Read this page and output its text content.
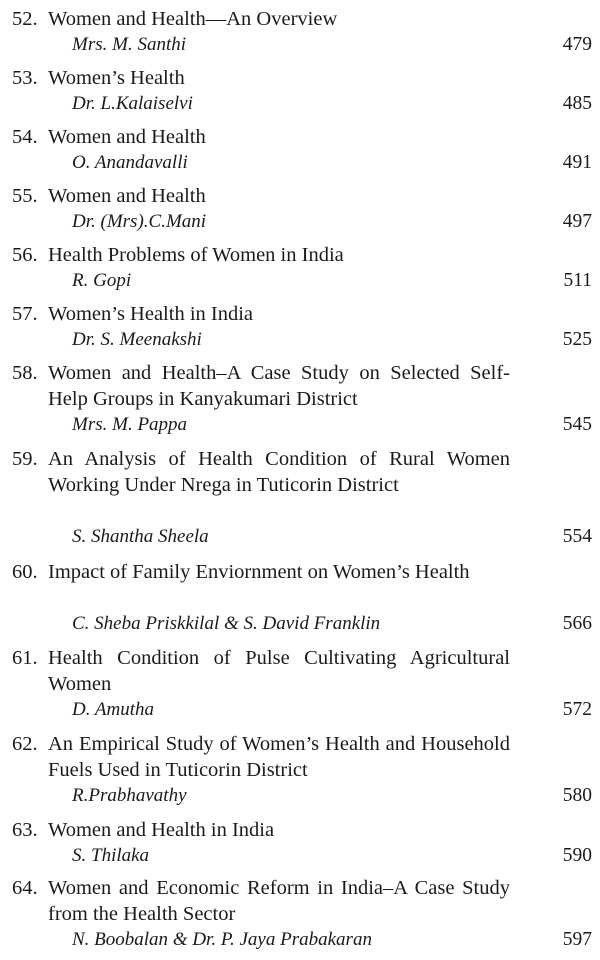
52. Women and Health—An Overview
Mrs. M. Santhi	479
53. Women’s Health
Dr. L.Kalaiselvi	485
54. Women and Health
O. Anandavalli	491
55. Women and Health
Dr. (Mrs).C.Mani	497
56. Health Problems of Women in India
R. Gopi	511
57. Women’s Health in India
Dr. S. Meenakshi	525
58. Women and Health–A Case Study on Selected Self-Help Groups in Kanyakumari District
Mrs. M. Pappa	545
59. An Analysis of Health Condition of Rural Women Working Under Nrega in Tuticorin District
S. Shantha Sheela	554
60. Impact of Family Enviornment on Women’s Health
C. Sheba Priskkilal & S. David Franklin	566
61. Health Condition of Pulse Cultivating Agricultural Women
D. Amutha	572
62. An Empirical Study of Women’s Health and Household Fuels Used in Tuticorin District
R.Prabhavathy	580
63. Women and Health in India
S. Thilaka	590
64. Women and Economic Reform in India–A Case Study from the Health Sector
N. Boobalan & Dr. P. Jaya Prabakaran	597
